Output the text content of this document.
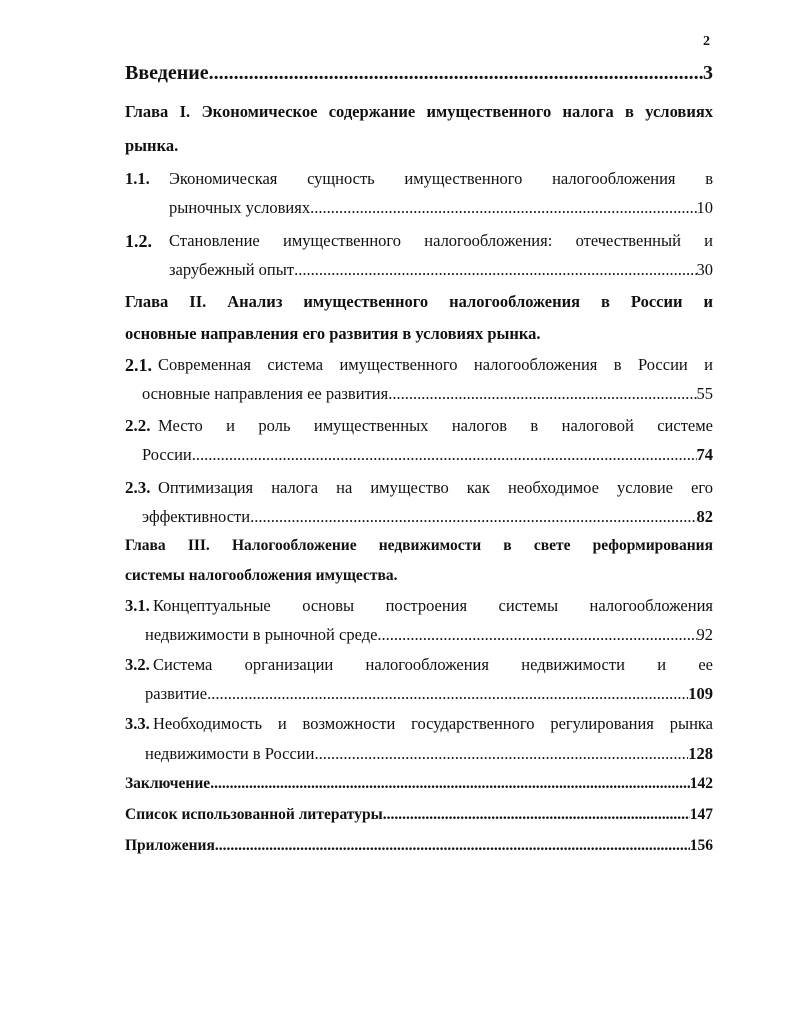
2
Введение .....	3
Глава I. Экономическое содержание имущественного налога в условиях
рынка.
1.1. Экономическая сущность имущественного налогообложения в
рыночных условиях. .....	10
1.2. Становление имущественного налогообложения: отечественный и
зарубежный опыт .....	30
Глава II. Анализ имущественного налогообложения в России и
основные направления его развития в условиях рынка.
2.1. Современная система имущественного налогообложения в России и
основные направления ее развития .....	55
2.2. Место и роль имущественных налогов в налоговой системе
России .....	74
2.3. Оптимизация налога на имущество как необходимое условие его
эффективности .....	82
Глава III. Налогообложение недвижимости в свете реформирования
системы налогообложения имущества.
3.1. Концептуальные основы построения системы налогообложения
недвижимости в рыночной среде .....	92
3.2. Система организации налогообложения недвижимости и ее
развитие .....	109
3.3. Необходимость и возможности государственного регулирования рынка
недвижимости в России .....	128
Заключение .....	142
Список использованной литературы .....	147
Приложения .....	156
